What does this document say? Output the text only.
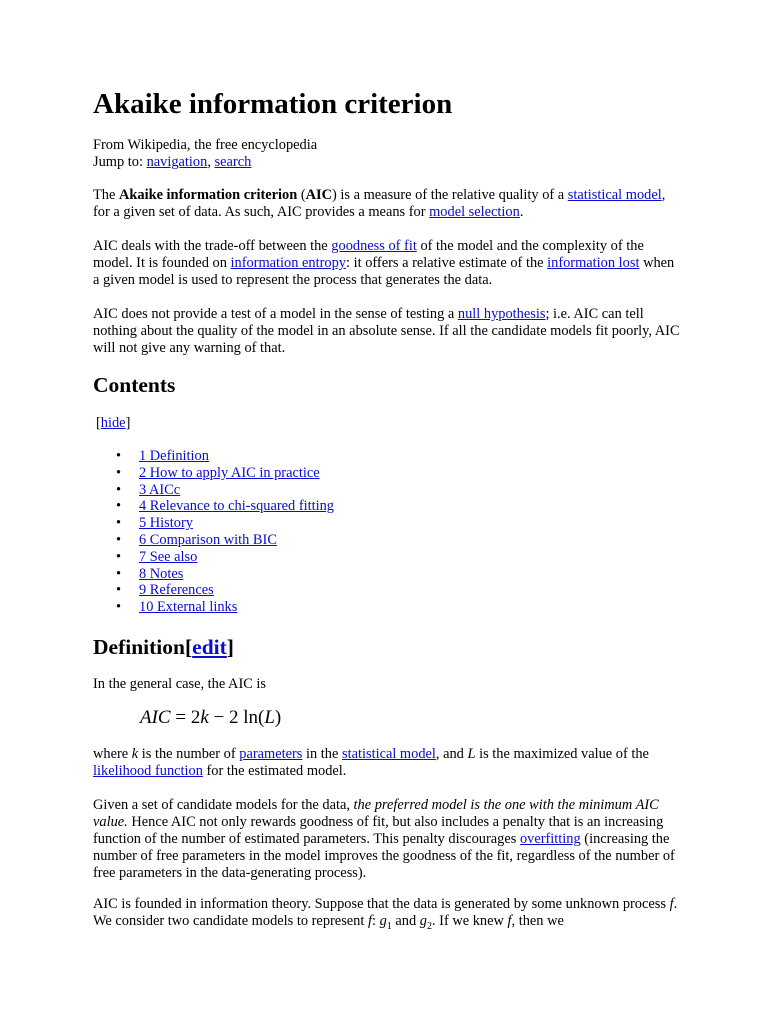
Akaike information criterion
From Wikipedia, the free encyclopedia
Jump to: navigation, search

The Akaike information criterion (AIC) is a measure of the relative quality of a statistical model, for a given set of data. As such, AIC provides a means for model selection.

AIC deals with the trade-off between the goodness of fit of the model and the complexity of the model. It is founded on information entropy: it offers a relative estimate of the information lost when a given model is used to represent the process that generates the data.

AIC does not provide a test of a model in the sense of testing a null hypothesis; i.e. AIC can tell nothing about the quality of the model in an absolute sense. If all the candidate models fit poorly, AIC will not give any warning of that.

Contents
[hide]
• 1 Definition
• 2 How to apply AIC in practice
• 3 AICc
• 4 Relevance to chi-squared fitting
• 5 History
• 6 Comparison with BIC
• 7 See also
• 8 Notes
• 9 References
• 10 External links
Definition[edit]

In the general case, the AIC is

AIC = 2k − 2 ln(L)

where k is the number of parameters in the statistical model, and L is the maximized value of the likelihood function for the estimated model.

Given a set of candidate models for the data, the preferred model is the one with the minimum AIC value. Hence AIC not only rewards goodness of fit, but also includes a penalty that is an increasing function of the number of estimated parameters. This penalty discourages overfitting (increasing the number of free parameters in the model improves the goodness of the fit, regardless of the number of free parameters in the data-generating process).

AIC is founded in information theory. Suppose that the data is generated by some unknown process f. We consider two candidate models to represent f: $g_1$ and $g_2$. If we knew f, then we
